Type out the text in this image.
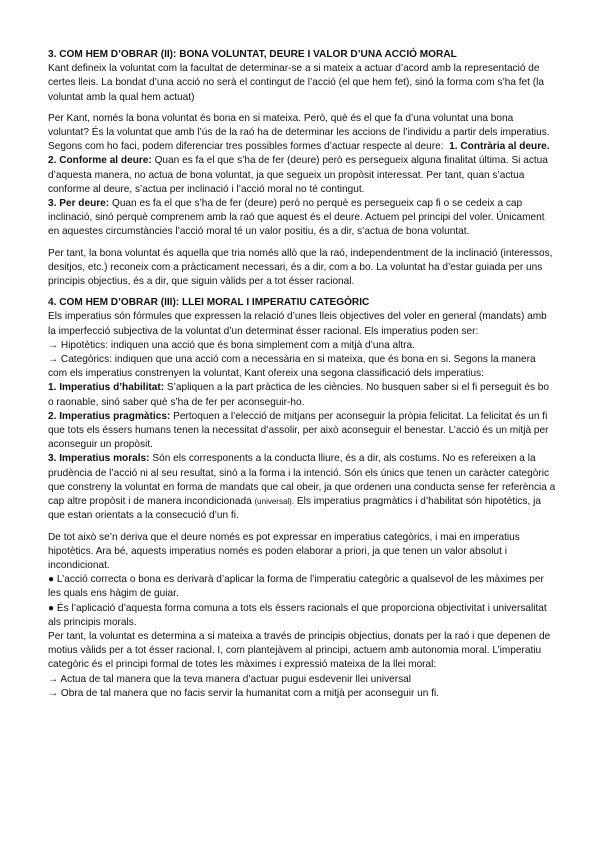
3. COM HEM D’OBRAR (II): BONA VOLUNTAT, DEURE I VALOR D’UNA ACCIÓ MORAL

Kant defineix la voluntat com la facultat de determinar-se a si mateix a actuar d’acord amb la representació de certes lleis. La bondat d’una acció no serà el contingut de l’acció (el que hem fet), sinó la forma com s’ha fet (la voluntat amb la qual hem actuat)

Per Kant, només la bona voluntat és bona en si mateixa. Però, què és el que fa d’una voluntat una bona voluntat? És la voluntat que amb l’ús de la raó ha de determinar les accions de l’individu a partir dels imperatius. Segons com ho faci, podem diferenciar tres possibles formes d’actuar respecte al deure: 1. Contrària al deure.

2. Conforme al deure: Quan es fa el que s’ha de fer (deure) però es persegueix alguna finalitat última. Si actua d’aquesta manera, no actua de bona voluntat, ja que segueix un propòsit interessat. Per tant, quan s’actua conforme al deure, s’actua per inclinació i l’acció moral no té contingut.

3. Per deure: Quan es fa el que s’ha de fer (deure) però no perquè es persegueix cap fi o se cedeix a cap inclinació, sinó perquè comprenem amb la raó que aquest és el deure. Actuem pel principi del voler. Únicament en aquestes circumstàncies l’acció moral té un valor positiu, és a dir, s’actua de bona voluntat.

Per tant, la bona voluntat és aquella que tria només allò que la raó, independentment de la inclinació (interessos, desitjos, etc.) reconeix com a pràcticament necessari, és a dir, com a bo. La voluntat ha d’estar guiada per uns principis objectius, és a dir, que siguin vàlids per a tot ésser racional.

4. COM HEM D’OBRAR (III): LLEI MORAL I IMPERATIU CATEGÒRIC

Els imperatius són fórmules que expressen la relació d’unes lleis objectives del voler en general (mandats) amb la imperfecció subjectiva de la voluntat d’un determinat ésser racional. Els imperatius poden ser:

→ Hipotètics: indiquen una acció que és bona simplement com a mitjà d’una altra.

→ Categòrics: indiquen que una acció com a necessària en si mateixa, que és bona en si. Segons la manera com els imperatius constrenyen la voluntat, Kant ofereix una segona classificació dels imperatius:

1. Imperatius d’habilitat: S’apliquen a la part pràctica de les ciències. No busquen saber si el fi perseguit és bo o raonable, sinó saber què s’ha de fer per aconseguir-ho.

2. Imperatius pragmàtics: Pertoquen a l’elecció de mitjans per aconseguir la pròpia felicitat. La felicitat és un fi que tots els éssers humans tenen la necessitat d’assolir, per això aconseguir el benestar. L’acció és un mitjà per aconseguir un propòsit.

3. Imperatius morals: Són els corresponents a la conducta lliure, és a dir, als costums. No es refereixen a la prudència de l’acció ni al seu resultat, sinó a la forma i la intenció. Són els únics que tenen un caràcter categòric que constreny la voluntat en forma de mandats que cal obeir, ja que ordenen una conducta sense fer referència a cap altre propòsit i de manera incondicionada (universal). Els imperatius pragmàtics i d’habilitat són hipotètics, ja que estan orientats a la consecució d’un fi.

De tot això se’n deriva que el deure només es pot expressar en imperatius categòrics, i mai en imperatius hipotètics. Ara bé, aquests imperatius només es poden elaborar a priori, ja que tenen un valor absolut i incondicionat.

● L’acció correcta o bona es derivarà d’aplicar la forma de l’imperatiu categòric a qualsevol de les màximes per les quals ens hàgim de guiar.

● És l’aplicació d’aquesta forma comuna a tots els éssers racionals el que proporciona objectivitat i universalitat als principis morals.

Per tant, la voluntat es determina a si mateixa a través de principis objectius, donats per la raó i que depenen de motius vàlids per a tot ésser racional. I, com plantejàvem al principi, actuem amb autonomia moral. L’imperatiu categòric és el principi formal de totes les màximes i expressió mateixa de la llei moral:

→ Actua de tal manera que la teva manera d’actuar pugui esdevenir llei universal

→ Obra de tal manera que no facis servir la humanitat com a mitjà per aconseguir un fi.
